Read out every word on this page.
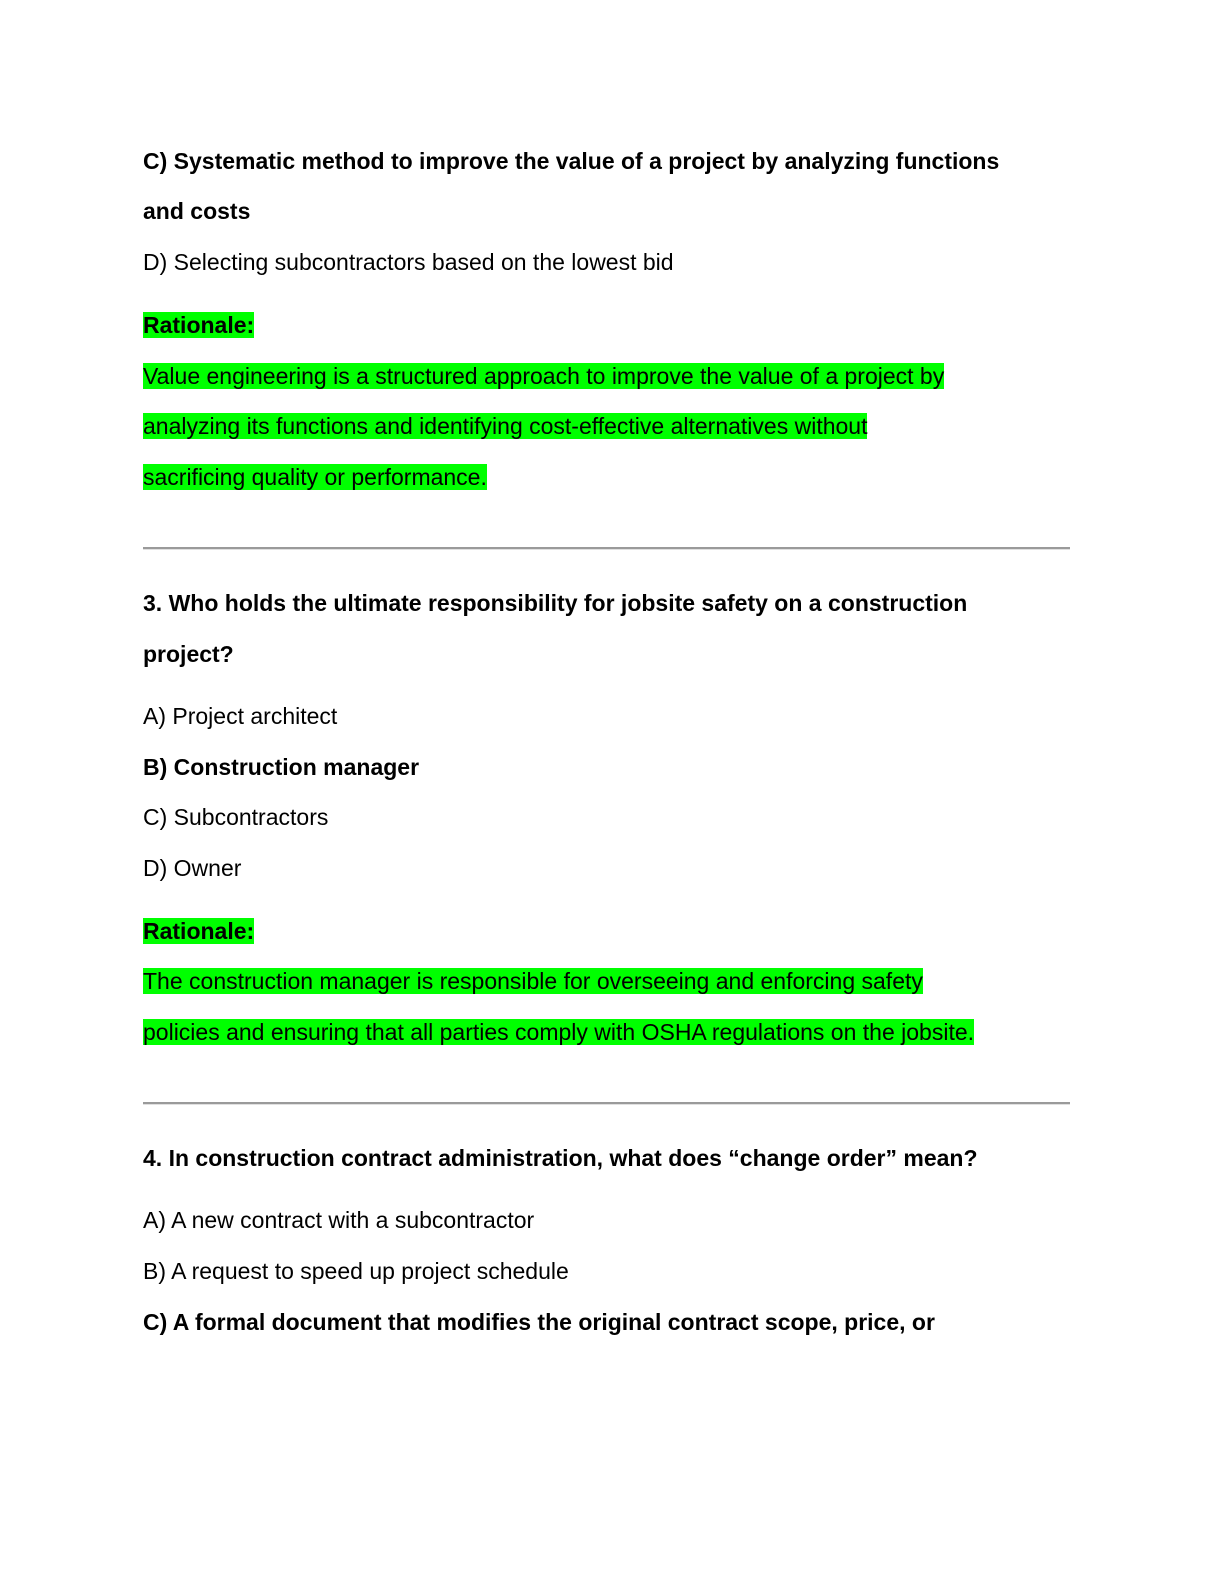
C) Systematic method to improve the value of a project by analyzing functions
and costs
D) Selecting subcontractors based on the lowest bid
Rationale:
Value engineering is a structured approach to improve the value of a project by
analyzing its functions and identifying cost-effective alternatives without
sacrificing quality or performance.
3. Who holds the ultimate responsibility for jobsite safety on a construction
project?
A) Project architect
B) Construction manager
C) Subcontractors
D) Owner
Rationale:
The construction manager is responsible for overseeing and enforcing safety
policies and ensuring that all parties comply with OSHA regulations on the jobsite.
4. In construction contract administration, what does “change order” mean?
A) A new contract with a subcontractor
B) A request to speed up project schedule
C) A formal document that modifies the original contract scope, price, or
